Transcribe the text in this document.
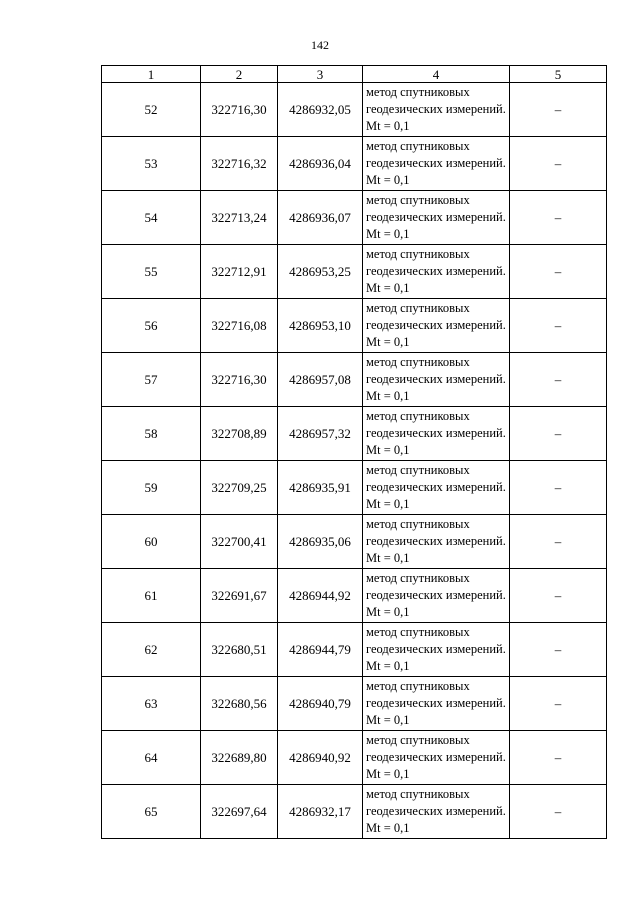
142
1	2	3	4	5
52	322716,30	4286932,05	метод спутниковых геодезических измерений. Mt = 0,1	–
53	322716,32	4286936,04	метод спутниковых геодезических измерений. Mt = 0,1	–
54	322713,24	4286936,07	метод спутниковых геодезических измерений. Mt = 0,1	–
55	322712,91	4286953,25	метод спутниковых геодезических измерений. Mt = 0,1	–
56	322716,08	4286953,10	метод спутниковых геодезических измерений. Mt = 0,1	–
57	322716,30	4286957,08	метод спутниковых геодезических измерений. Mt = 0,1	–
58	322708,89	4286957,32	метод спутниковых геодезических измерений. Mt = 0,1	–
59	322709,25	4286935,91	метод спутниковых геодезических измерений. Mt = 0,1	–
60	322700,41	4286935,06	метод спутниковых геодезических измерений. Mt = 0,1	–
61	322691,67	4286944,92	метод спутниковых геодезических измерений. Mt = 0,1	–
62	322680,51	4286944,79	метод спутниковых геодезических измерений. Mt = 0,1	–
63	322680,56	4286940,79	метод спутниковых геодезических измерений. Mt = 0,1	–
64	322689,80	4286940,92	метод спутниковых геодезических измерений. Mt = 0,1	–
65	322697,64	4286932,17	метод спутниковых геодезических измерений. Mt = 0,1	–
